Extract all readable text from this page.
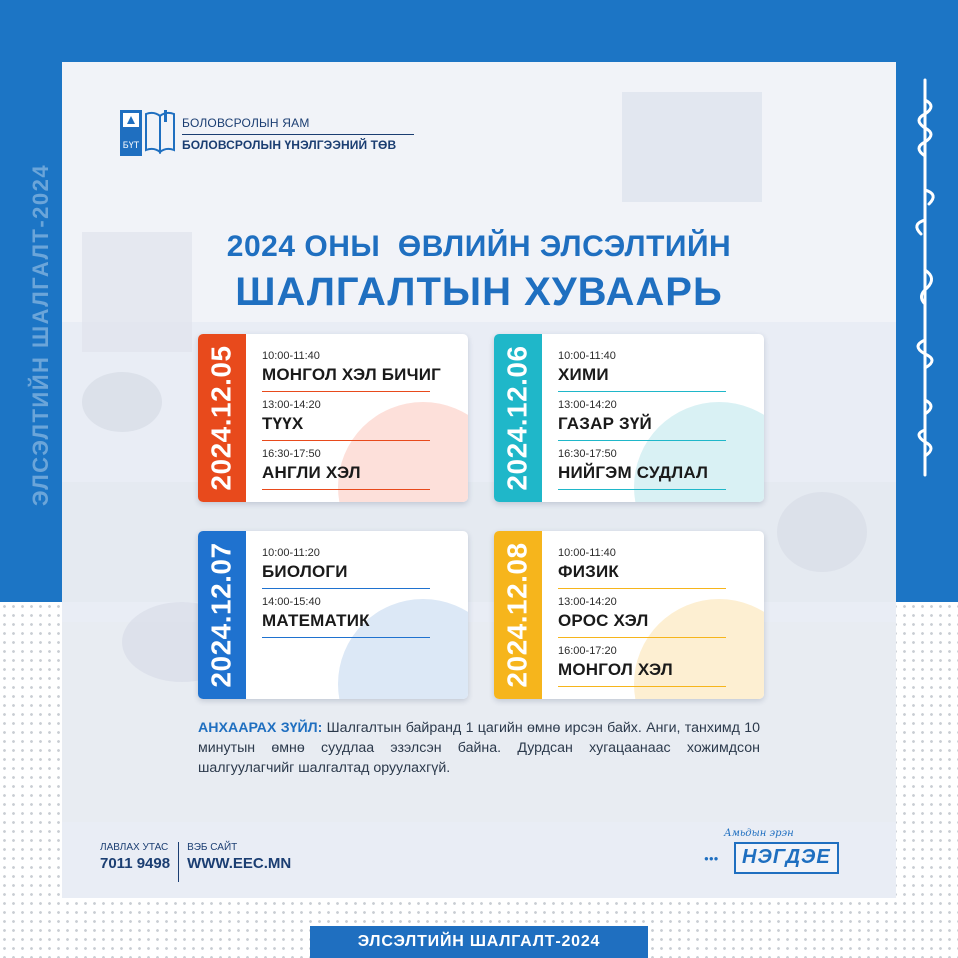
ЭЛСЭЛТИЙН ШАЛГАЛТ-2024
БҮТ
БОЛОВСРОЛЫН ЯАМ
БОЛОВСРОЛЫН ҮНЭЛГЭЭНИЙ ТӨВ
2024 ОНЫ  ӨВЛИЙН ЭЛСЭЛТИЙН
ШАЛГАЛТЫН ХУВААРЬ
2024.12.05 10:00-11:40
МОНГОЛ ХЭЛ БИЧИГ
13:00-14:20
ТҮҮХ
16:30-17:50
АНГЛИ ХЭЛ	2024.12.06 10:00-11:40
ХИМИ
13:00-14:20
ГАЗАР ЗҮЙ
16:30-17:50
НИЙГЭМ СУДЛАЛ
2024.12.07 10:00-11:20
БИОЛОГИ
14:00-15:40
МАТЕМАТИК	2024.12.08 10:00-11:40
ФИЗИК
13:00-14:20
ОРОС ХЭЛ
16:00-17:20
МОНГОЛ ХЭЛ
АНХААРАХ ЗҮЙЛ: Шалгалтын байранд 1 цагийн өмнө ирсэн байх. Анги, танхимд 10 минутын өмнө суудлаа эзэлсэн байна. Дурдсан хугацаанаас хожимдсон шалгуулагчийг шалгалтад оруулахгүй.
ЛАВЛАХ УТАС
7011 9498
ВЭБ САЙТ
WWW.EEC.MN
Амьдын эрэн
●●●	НЭГДЭЕ
ЭЛСЭЛТИЙН ШАЛГАЛТ-2024
